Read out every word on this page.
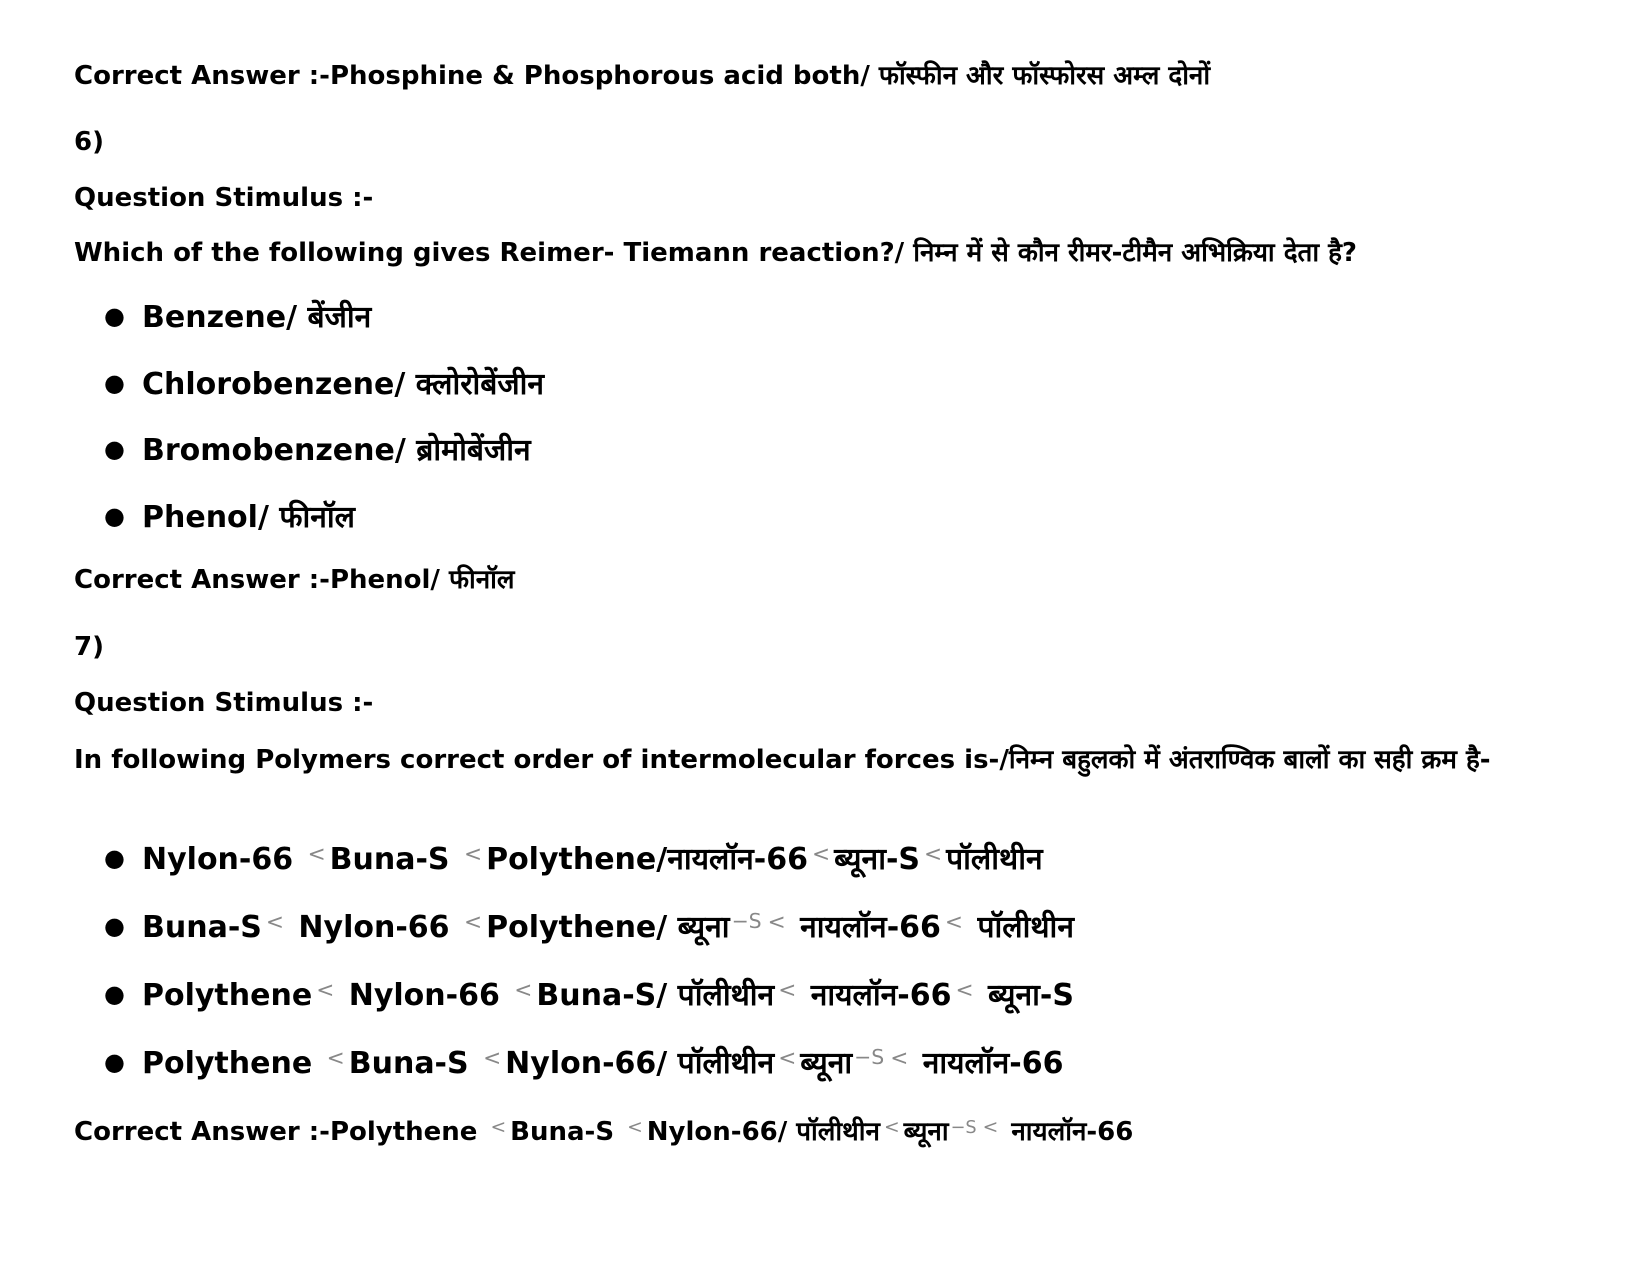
Correct Answer :-Phosphine & Phosphorous acid both/ फॉस्फीन और फॉस्फोरस अम्ल दोनों
6)
Question Stimulus :-
Which of the following gives Reimer- Tiemann reaction?/ निम्न में से कौन रीमर-टीमैन अभिक्रिया देता है?
● Benzene/ बेंजीन
● Chlorobenzene/ क्लोरोबेंजीन
● Bromobenzene/ ब्रोमोबेंजीन
● Phenol/ फीनॉल
Correct Answer :-Phenol/ फीनॉल
7)
Question Stimulus :-
In following Polymers correct order of intermolecular forces is-/निम्न बहुलको में अंतराण्विक बालों का सही क्रम है-
● Nylon-66 < Buna-S < Polythene/नायलॉन-66 < ब्यूना-S < पॉलीथीन
● Buna-S < Nylon-66 < Polythene/ ब्यूना$^{-S}$ < नायलॉन-66 < पॉलीथीन
● Polythene < Nylon-66 < Buna-S/ पॉलीथीन < नायलॉन-66 < ब्यूना-S
● Polythene < Buna-S < Nylon-66/ पॉलीथीन < ब्यूना$^{-S}$ < नायलॉन-66
Correct Answer :-Polythene < Buna-S < Nylon-66/ पॉलीथीन < ब्यूना $^{-S}$ < नायलॉन-66
